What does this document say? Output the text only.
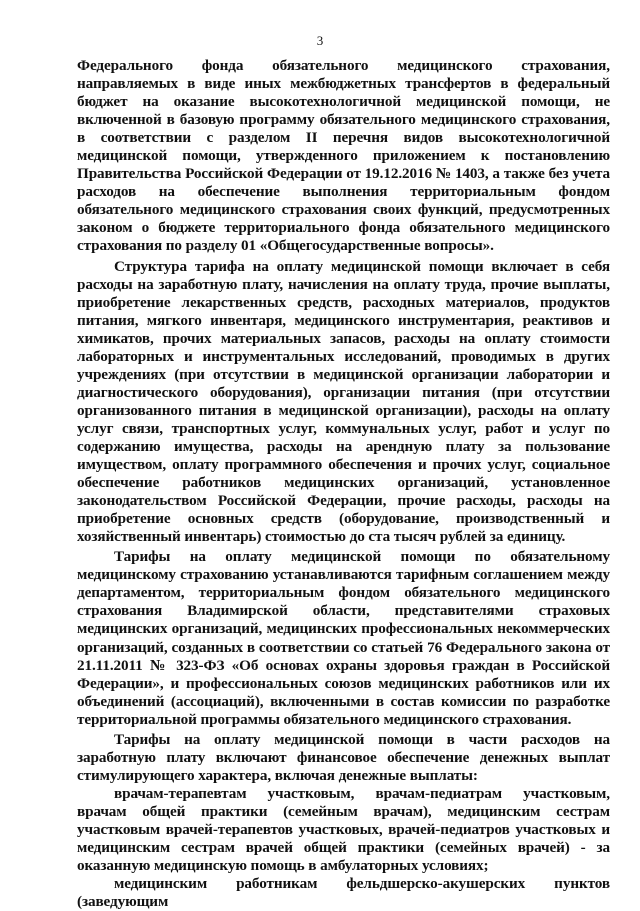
3

Федерального фонда обязательного медицинского страхования, направляемых в виде иных межбюджетных трансфертов в федеральный бюджет на оказание высокотехнологичной медицинской помощи, не включенной в базовую программу обязательного медицинского страхования, в соответствии с разделом II перечня видов высокотехнологичной медицинской помощи, утвержденного приложением к постановлению Правительства Российской Федерации от 19.12.2016 № 1403, а также без учета расходов на обеспечение выполнения территориальным фондом обязательного медицинского страхования своих функций, предусмотренных законом о бюджете территориального фонда обязательного медицинского страхования по разделу 01 «Общегосударственные вопросы».

Структура тарифа на оплату медицинской помощи включает в себя расходы на заработную плату, начисления на оплату труда, прочие выплаты, приобретение лекарственных средств, расходных материалов, продуктов питания, мягкого инвентаря, медицинского инструментария, реактивов и химикатов, прочих материальных запасов, расходы на оплату стоимости лабораторных и инструментальных исследований, проводимых в других учреждениях (при отсутствии в медицинской организации лаборатории и диагностического оборудования), организации питания (при отсутствии организованного питания в медицинской организации), расходы на оплату услуг связи, транспортных услуг, коммунальных услуг, работ и услуг по содержанию имущества, расходы на арендную плату за пользование имуществом, оплату программного обеспечения и прочих услуг, социальное обеспечение работников медицинских организаций, установленное законодательством Российской Федерации, прочие расходы, расходы на приобретение основных средств (оборудование, производственный и хозяйственный инвентарь) стоимостью до ста тысяч рублей за единицу.

Тарифы на оплату медицинской помощи по обязательному медицинскому страхованию устанавливаются тарифным соглашением между департаментом, территориальным фондом обязательного медицинского страхования Владимирской области, представителями страховых медицинских организаций, медицинских профессиональных некоммерческих организаций, созданных в соответствии со статьей 76 Федерального закона от 21.11.2011 № 323-ФЗ «Об основах охраны здоровья граждан в Российской Федерации», и профессиональных союзов медицинских работников или их объединений (ассоциаций), включенными в состав комиссии по разработке территориальной программы обязательного медицинского страхования.

Тарифы на оплату медицинской помощи в части расходов на заработную плату включают финансовое обеспечение денежных выплат стимулирующего характера, включая денежные выплаты:

врачам-терапевтам участковым, врачам-педиатрам участковым, врачам общей практики (семейным врачам), медицинским сестрам участковым врачей-терапевтов участковых, врачей-педиатров участковых и медицинским сестрам врачей общей практики (семейных врачей) - за оказанную медицинскую помощь в амбулаторных условиях;

медицинским работникам фельдшерско-акушерских пунктов (заведующим
